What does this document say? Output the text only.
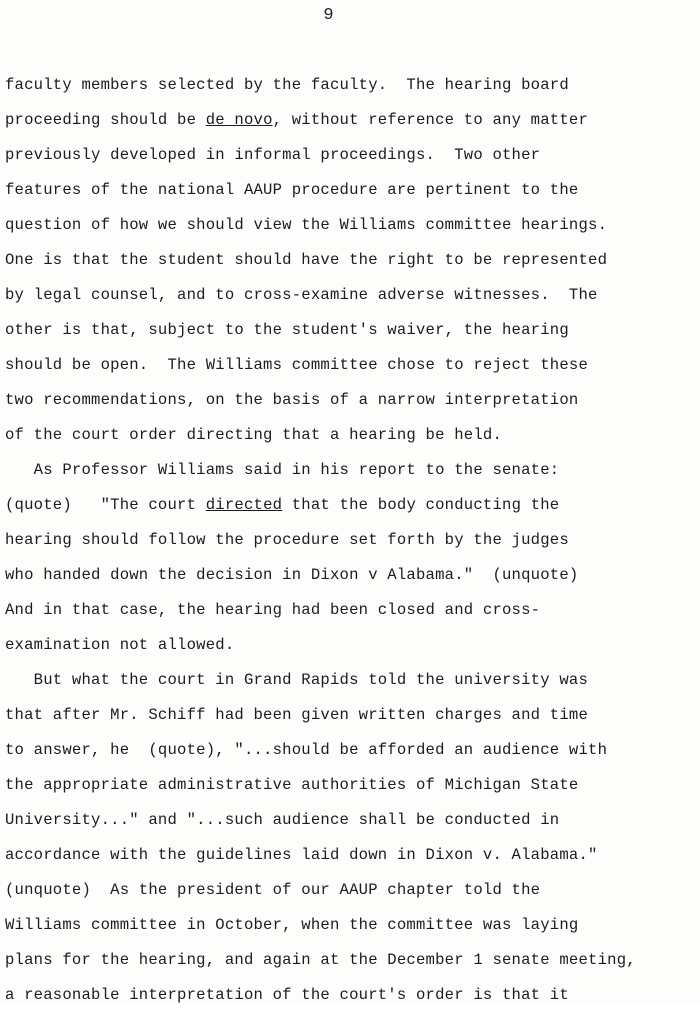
9
faculty members selected by the faculty.  The hearing board
proceeding should be de novo, without reference to any matter
previously developed in informal proceedings.  Two other
features of the national AAUP procedure are pertinent to the
question of how we should view the Williams committee hearings.
One is that the student should have the right to be represented
by legal counsel, and to cross-examine adverse witnesses.  The
other is that, subject to the student's waiver, the hearing
should be open.  The Williams committee chose to reject these
two recommendations, on the basis of a narrow interpretation
of the court order directing that a hearing be held.
As Professor Williams said in his report to the senate:
(quote)   "The court directed that the body conducting the
hearing should follow the procedure set forth by the judges
who handed down the decision in Dixon v Alabama."  (unquote)
And in that case, the hearing had been closed and cross-
examination not allowed.
But what the court in Grand Rapids told the university was
that after Mr. Schiff had been given written charges and time
to answer, he  (quote), "...should be afforded an audience with
the appropriate administrative authorities of Michigan State
University..." and "...such audience shall be conducted in
accordance with the guidelines laid down in Dixon v. Alabama."
(unquote)  As the president of our AAUP chapter told the
Williams committee in October, when the committee was laying
plans for the hearing, and again at the December 1 senate meeting,
a reasonable interpretation of the court's order is that it
